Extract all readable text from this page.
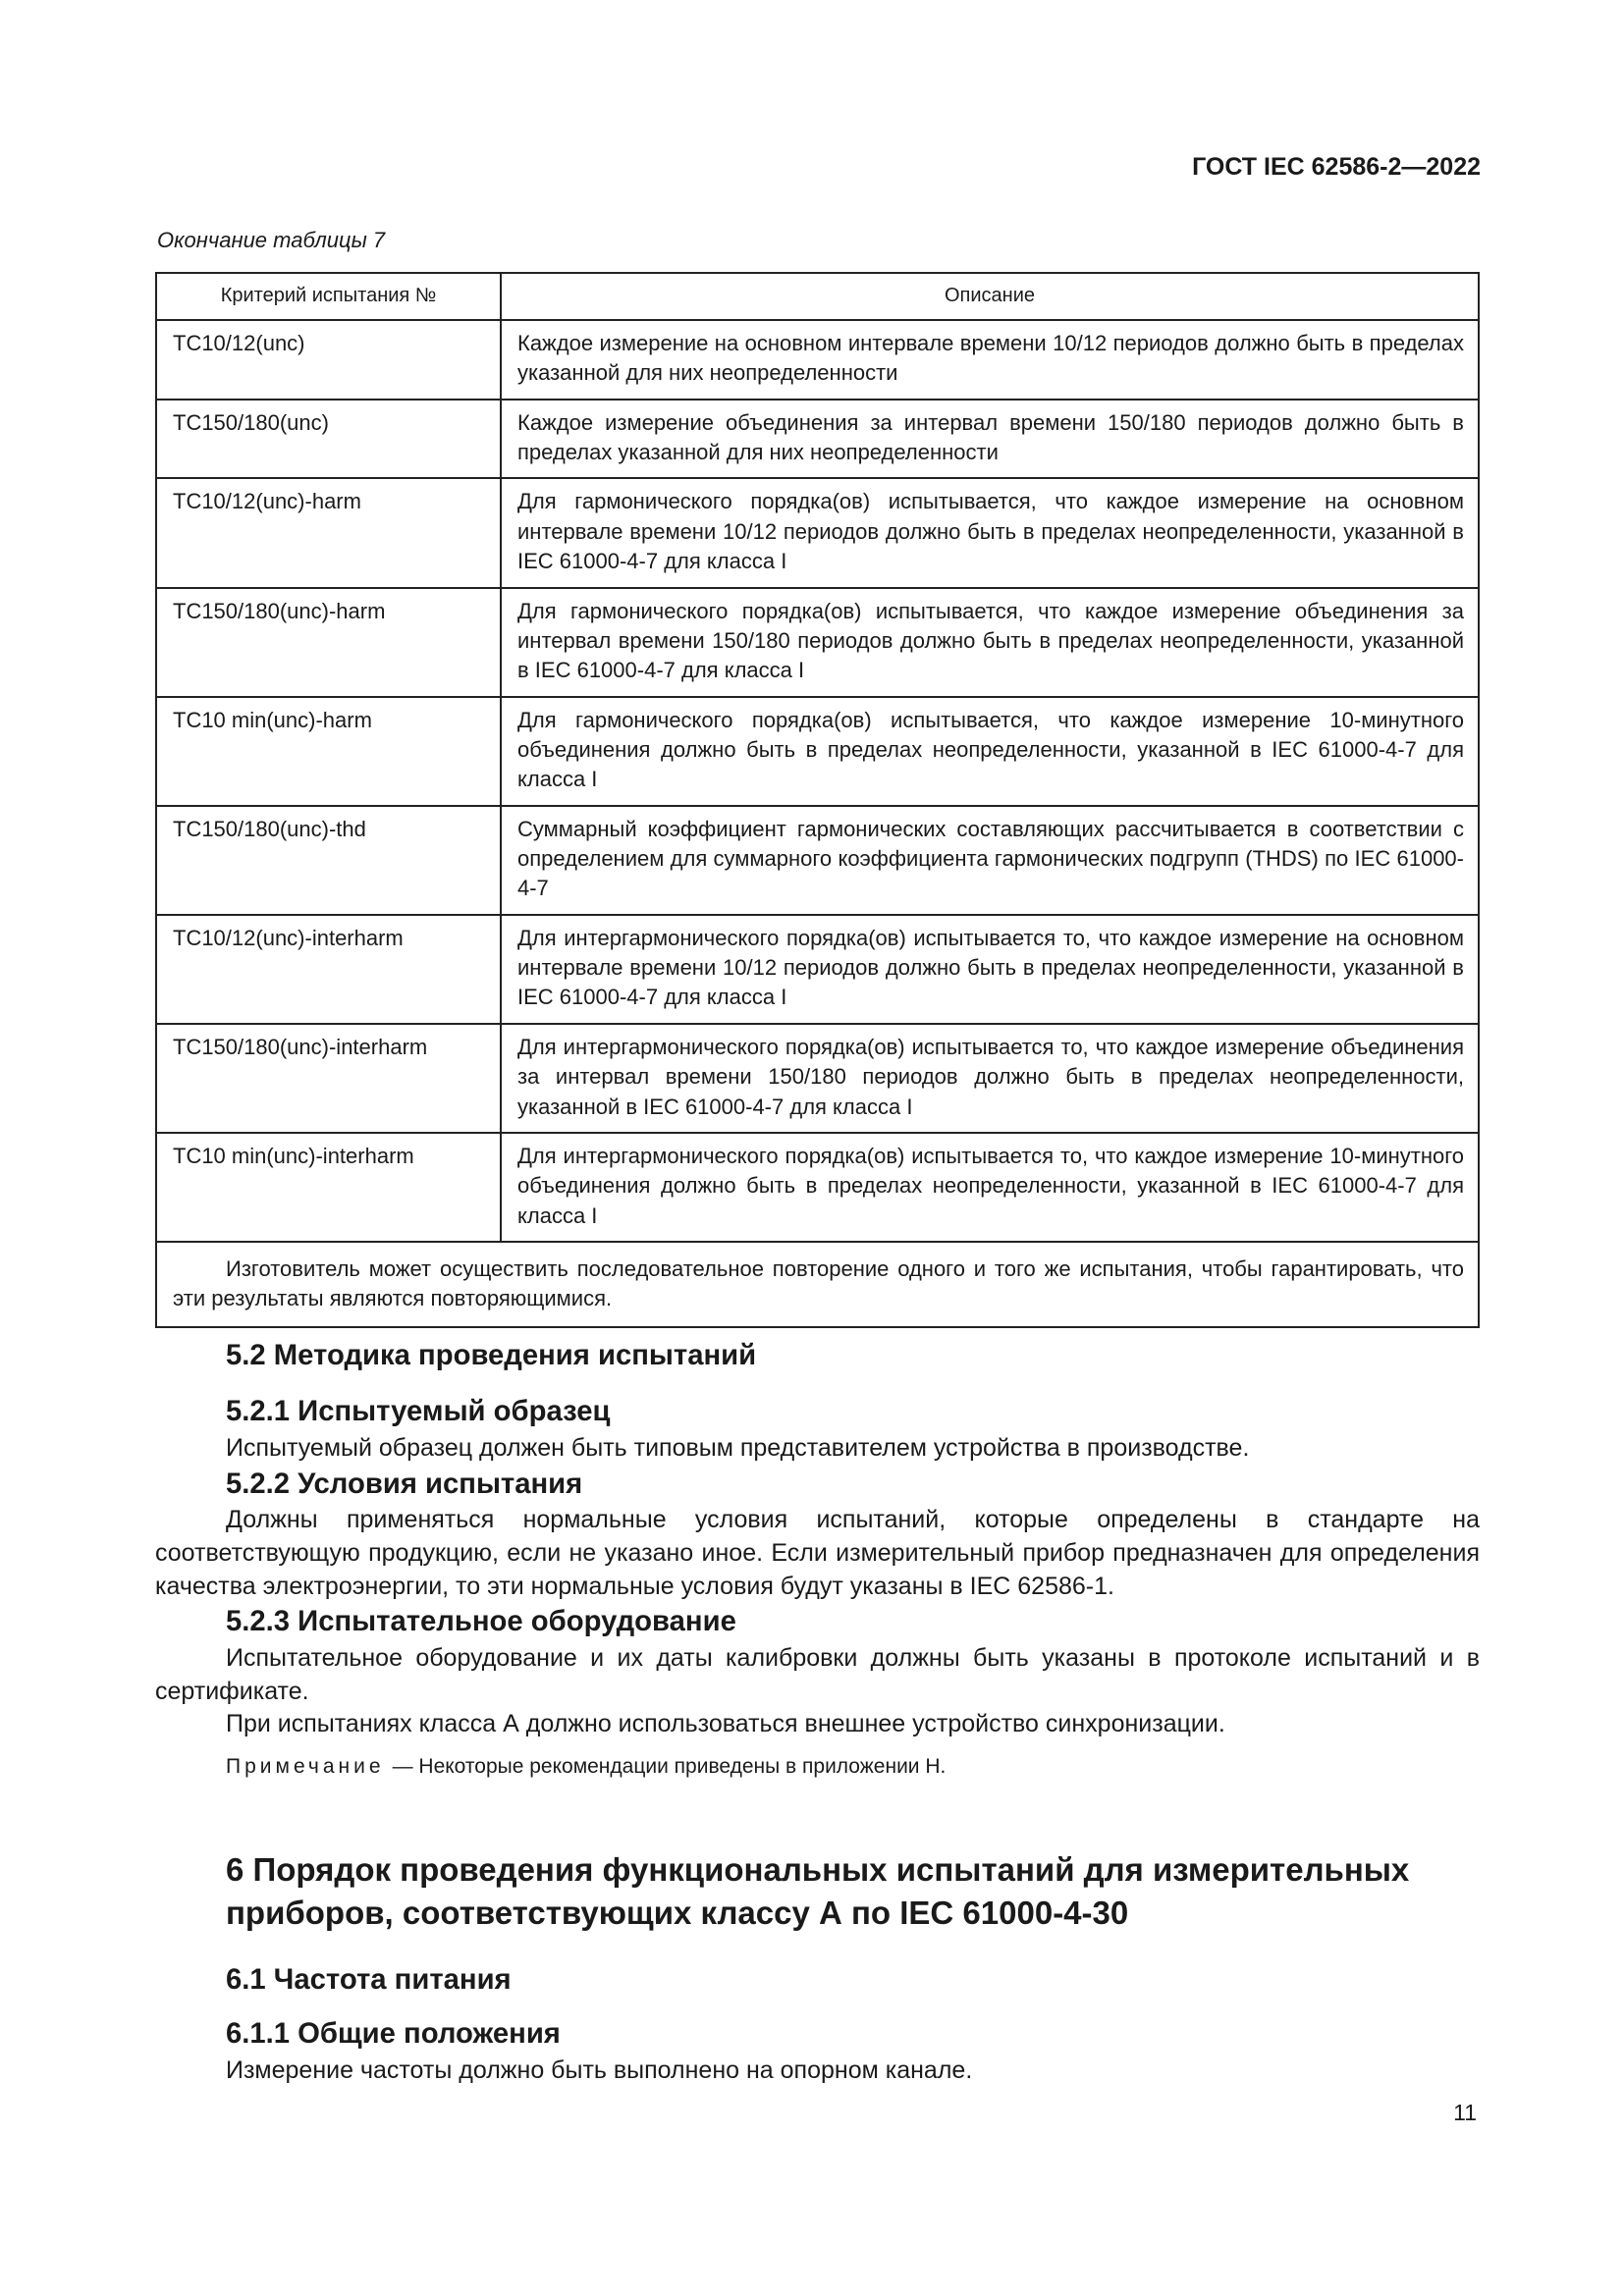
ГОСТ IEC 62586-2—2022

Окончание таблицы 7

Критерий испытания №	Описание
TC10/12(unc)	Каждое измерение на основном интервале времени 10/12 периодов должно быть в пределах указанной для них неопределенности
TC150/180(unc)	Каждое измерение объединения за интервал времени 150/180 периодов должно быть в пределах указанной для них неопределенности
TC10/12(unc)-harm	Для гармонического порядка(ов) испытывается, что каждое измерение на основном интервале времени 10/12 периодов должно быть в пределах неопределенности, указанной в IEC 61000-4-7 для класса I
TC150/180(unc)-harm	Для гармонического порядка(ов) испытывается, что каждое измерение объединения за интервал времени 150/180 периодов должно быть в пределах неопределенности, указанной в IEC 61000-4-7 для класса I
TC10 min(unc)-harm	Для гармонического порядка(ов) испытывается, что каждое измерение 10-минутного объединения должно быть в пределах неопределенности, указанной в IEC 61000-4-7 для класса I
TC150/180(unc)-thd	Суммарный коэффициент гармонических составляющих рассчитывается в соответствии с определением для суммарного коэффициента гармонических подгрупп (THDS) по IEC 61000-4-7
TC10/12(unc)-interharm	Для интергармонического порядка(ов) испытывается то, что каждое измерение на основном интервале времени 10/12 периодов должно быть в пределах неопределенности, указанной в IEC 61000-4-7 для класса I
TC150/180(unc)-interharm	Для интергармонического порядка(ов) испытывается то, что каждое измерение объединения за интервал времени 150/180 периодов должно быть в пределах неопределенности, указанной в IEC 61000-4-7 для класса I
TC10 min(unc)-interharm	Для интергармонического порядка(ов) испытывается то, что каждое измерение 10-минутного объединения должно быть в пределах неопределенности, указанной в IEC 61000-4-7 для класса I
Изготовитель может осуществить последовательное повторение одного и того же испытания, чтобы гарантировать, что эти результаты являются повторяющимися.	
5.2 Методика проведения испытаний
5.2.1 Испытуемый образец

Испытуемый образец должен быть типовым представителем устройства в производстве.

5.2.2 Условия испытания

Должны применяться нормальные условия испытаний, которые определены в стандарте на соответствующую продукцию, если не указано иное. Если измерительный прибор предназначен для определения качества электроэнергии, то эти нормальные условия будут указаны в IEC 62586-1.

5.2.3 Испытательное оборудование

Испытательное оборудование и их даты калибровки должны быть указаны в протоколе испытаний и в сертификате.

При испытаниях класса А должно использоваться внешнее устройство синхронизации.

Примечание — Некоторые рекомендации приведены в приложении Н.

6 Порядок проведения функциональных испытаний для измерительных приборов, соответствующих классу А по IEC 61000-4-30
6.1 Частота питания
6.1.1 Общие положения

Измерение частоты должно быть выполнено на опорном канале.

11
